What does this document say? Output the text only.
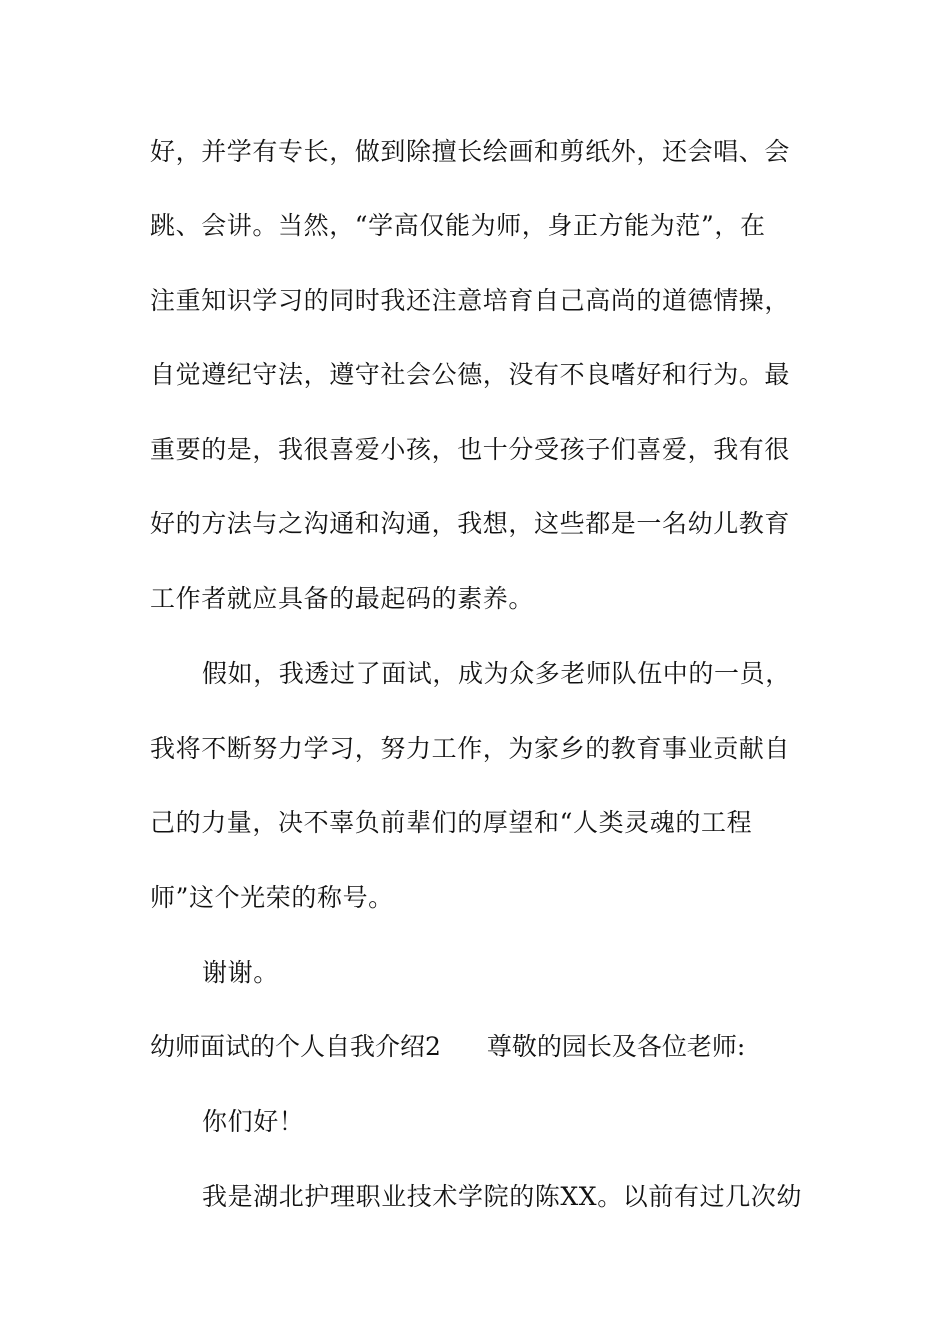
好，并学有专长，做到除擅长绘画和剪纸外，还会唱、会
跳、会讲。当然，“学高仅能为师，身正方能为范”，在
注重知识学习的同时我还注意培育自己高尚的道德情操，
自觉遵纪守法，遵守社会公德，没有不良嗜好和行为。最
重要的是，我很喜爱小孩，也十分受孩子们喜爱，我有很
好的方法与之沟通和沟通，我想，这些都是一名幼儿教育
工作者就应具备的最起码的素养。
假如，我透过了面试，成为众多老师队伍中的一员，
我将不断努力学习，努力工作，为家乡的教育事业贡献自
己的力量，决不辜负前辈们的厚望和“人类灵魂的工程
师”这个光荣的称号。
谢谢。
幼师面试的个人自我介绍2 尊敬的园长及各位老师:
你们好！
我是湖北护理职业技术学院的陈XX。以前有过几次幼
